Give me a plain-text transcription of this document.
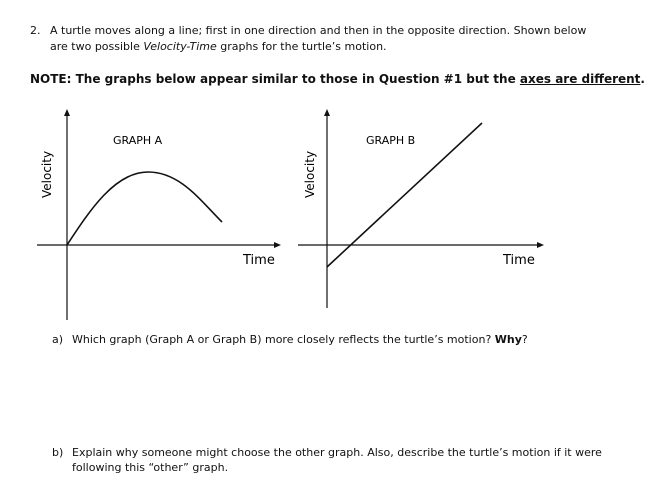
2. A turtle moves along a line; first in one direction and then in the opposite direction. Shown below
are two possible Velocity-Time graphs for the turtle’s motion.
NOTE: The graphs below appear similar to those in Question #1 but the axes are different.
GRAPH A
Velocity
Time
GRAPH B
Velocity
Time
a) Which graph (Graph A or Graph B) more closely reflects the turtle’s motion? Why?
b) Explain why someone might choose the other graph. Also, describe the turtle’s motion if it were
following this “other” graph.
